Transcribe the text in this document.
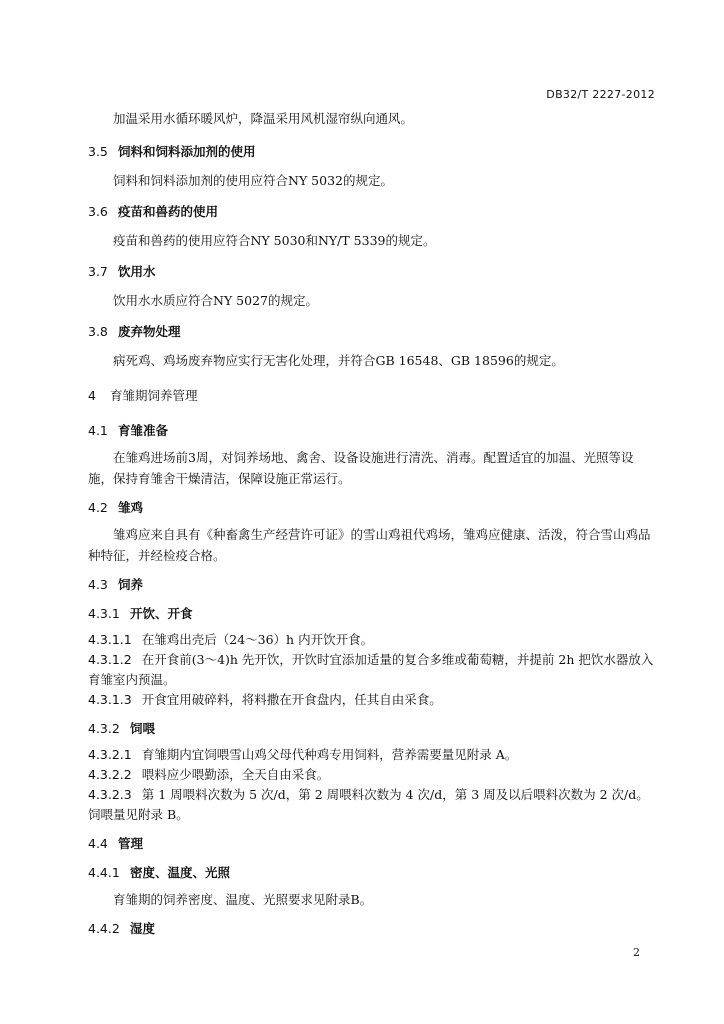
DB32/T 2227-2012

加温采用水循环暖风炉，降温采用风机湿帘纵向通风。

3.5 饲料和饲料添加剂的使用

饲料和饲料添加剂的使用应符合NY 5032的规定。

3.6 疫苗和兽药的使用

疫苗和兽药的使用应符合NY 5030和NY/T 5339的规定。

3.7 饮用水

饮用水水质应符合NY 5027的规定。

3.8 废弃物处理

病死鸡、鸡场废弃物应实行无害化处理，并符合GB 16548、GB 18596的规定。

4 育雏期饲养管理
4.1 育雏准备

在雏鸡进场前3周，对饲养场地、禽舍、设备设施进行清洗、消毒。配置适宜的加温、光照等设施，保持育雏舍干燥清洁，保障设施正常运行。

4.2 雏鸡

雏鸡应来自具有《种畜禽生产经营许可证》的雪山鸡祖代鸡场，雏鸡应健康、活泼，符合雪山鸡品种特征，并经检疫合格。

4.3 饲养
4.3.1 开饮、开食

4.3.1.1 在雏鸡出壳后（24～36）h 内开饮开食。

4.3.1.2 在开食前(3～4)h 先开饮，开饮时宜添加适量的复合多维或葡萄糖，并提前 2h 把饮水器放入育雏室内预温。

4.3.1.3 开食宜用破碎料，将料撒在开食盘内，任其自由采食。

4.3.2 饲喂

4.3.2.1 育雏期内宜饲喂雪山鸡父母代种鸡专用饲料，营养需要量见附录 A。

4.3.2.2 喂料应少喂勤添，全天自由采食。

4.3.2.3 第 1 周喂料次数为 5 次/d，第 2 周喂料次数为 4 次/d，第 3 周及以后喂料次数为 2 次/d。饲喂量见附录 B。

4.4 管理
4.4.1 密度、温度、光照

育雏期的饲养密度、温度、光照要求见附录B。

4.4.2 湿度
2
